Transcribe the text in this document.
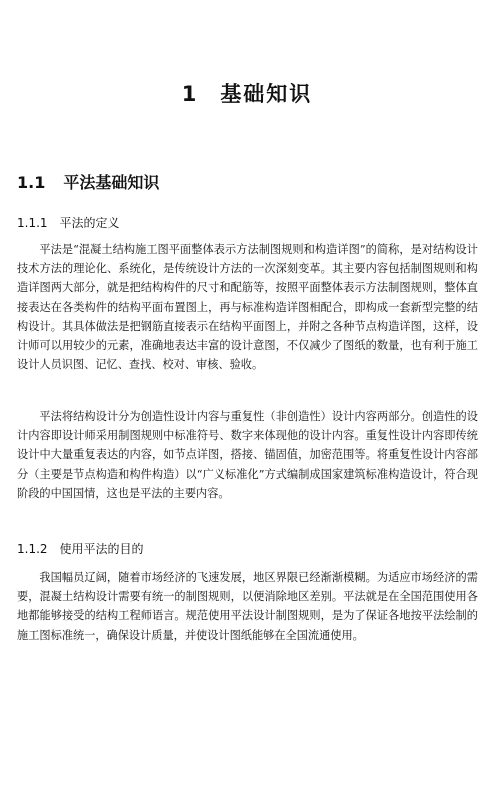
1 基础知识
1.1 平法基础知识
1.1.1 平法的定义

平法是“混凝土结构施工图平面整体表示方法制图规则和构造详图”的简称，是对结构设计技术方法的理论化、系统化，是传统设计方法的一次深刻变革。其主要内容包括制图规则和构造详图两大部分，就是把结构构件的尺寸和配筋等，按照平面整体表示方法制图规则，整体直接表达在各类构件的结构平面布置图上，再与标准构造详图相配合，即构成一套新型完整的结构设计。其具体做法是把钢筋直接表示在结构平面图上，并附之各种节点构造详图，这样，设计师可以用较少的元素，准确地表达丰富的设计意图，不仅减少了图纸的数量，也有利于施工设计人员识图、记忆、查找、校对、审核、验收。

平法将结构设计分为创造性设计内容与重复性（非创造性）设计内容两部分。创造性的设计内容即设计师采用制图规则中标准符号、数字来体现他的设计内容。重复性设计内容即传统设计中大量重复表达的内容，如节点详图，搭接、锚固值，加密范围等。将重复性设计内容部分（主要是节点构造和构件构造）以“广义标准化”方式编制成国家建筑标准构造设计，符合现阶段的中国国情，这也是平法的主要内容。

1.1.2 使用平法的目的

我国幅员辽阔，随着市场经济的飞速发展，地区界限已经渐渐模糊。为适应市场经济的需要，混凝土结构设计需要有统一的制图规则，以便消除地区差别。平法就是在全国范围使用各地都能够接受的结构工程师语言。规范使用平法设计制图规则，是为了保证各地按平法绘制的施工图标准统一，确保设计质量，并使设计图纸能够在全国流通使用。
